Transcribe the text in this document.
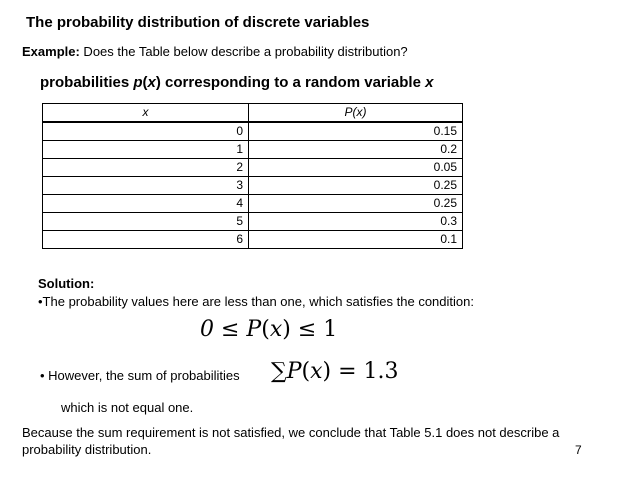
The probability distribution of discrete variables
Example: Does the Table below describe a probability distribution?
probabilities p(x) corresponding to a random variable x
x	P(x)
0	0.15
1	0.2
2	0.05
3	0.25
4	0.25
5	0.3
6	0.1
Solution:
•The probability values here are less than one, which satisfies the condition:
0 ≤ P(x) ≤ 1
• However, the sum of probabilities ∑P(x) = 1.3
which is not equal one.
Because the sum requirement is not satisfied, we conclude that Table 5.1 does not describe a probability distribution.	7
